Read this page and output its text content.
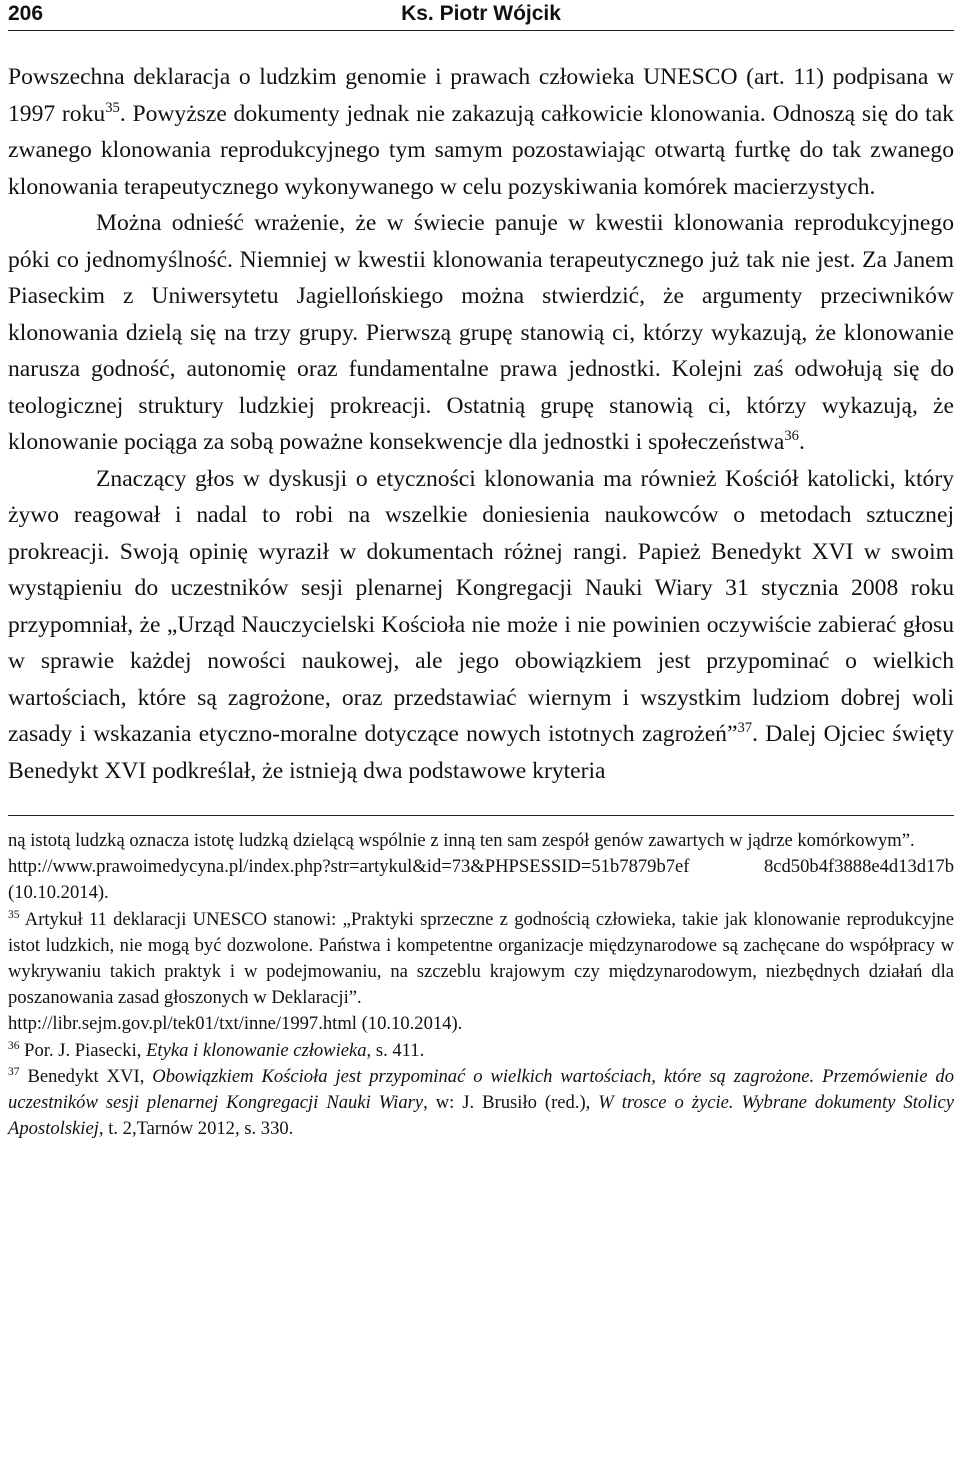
206	Ks. Piotr Wójcik

Powszechna deklaracja o ludzkim genomie i prawach człowieka UNESCO (art. 11) podpisana w 1997 roku$^{35}$. Powyższe dokumenty jednak nie zakazują całkowicie klonowania. Odnoszą się do tak zwanego klonowania reprodukcyjnego tym samym pozostawiając otwartą furtkę do tak zwanego klonowania terapeutycznego wykonywanego w celu pozyskiwania komórek macierzystych.

Można odnieść wrażenie, że w świecie panuje w kwestii klonowania reprodukcyjnego póki co jednomyślność. Niemniej w kwestii klonowania terapeutycznego już tak nie jest. Za Janem Piaseckim z Uniwersytetu Jagiellońskiego można stwierdzić, że argumenty przeciwników klonowania dzielą się na trzy grupy. Pierwszą grupę stanowią ci, którzy wykazują, że klonowanie narusza godność, autonomię oraz fundamentalne prawa jednostki. Kolejni zaś odwołują się do teologicznej struktury ludzkiej prokreacji. Ostatnią grupę stanowią ci, którzy wykazują, że klonowanie pociąga za sobą poważne konsekwencje dla jednostki i społeczeństwa$^{36}$.

Znaczący głos w dyskusji o etyczności klonowania ma również Kościół katolicki, który żywo reagował i nadal to robi na wszelkie doniesienia naukowców o metodach sztucznej prokreacji. Swoją opinię wyraził w dokumentach różnej rangi. Papież Benedykt XVI w swoim wystąpieniu do uczestników sesji plenarnej Kongregacji Nauki Wiary 31 stycznia 2008 roku przypomniał, że „Urząd Nauczycielski Kościoła nie może i nie powinien oczywiście zabierać głosu w sprawie każdej nowości naukowej, ale jego obowiązkiem jest przypominać o wielkich wartościach, które są zagrożone, oraz przedstawiać wiernym i wszystkim ludziom dobrej woli zasady i wskazania etyczno-moralne dotyczące nowych istotnych zagrożeń”$^{37}$. Dalej Ojciec święty Benedykt XVI podkreślał, że istnieją dwa podstawowe kryteria

ną istotą ludzką oznacza istotę ludzką dzielącą wspólnie z inną ten sam zespół genów zawartych w jądrze komórkowym”.

http://www.prawoimedycyna.pl/index.php?str=artykul&id=73&PHPSESSID=51b7879b7ef 8cd50b4f3888e4d13d17b (10.10.2014).

$^{35}$ Artykuł 11 deklaracji UNESCO stanowi: „Praktyki sprzeczne z godnością człowieka, takie jak klonowanie reprodukcyjne istot ludzkich, nie mogą być dozwolone. Państwa i kompetentne organizacje międzynarodowe są zachęcane do współpracy w wykrywaniu takich praktyk i w podejmowaniu, na szczeblu krajowym czy międzynarodowym, niezbędnych działań dla poszanowania zasad głoszonych w Deklaracji”.

http://libr.sejm.gov.pl/tek01/txt/inne/1997.html (10.10.2014).

$^{36}$ Por. J. Piasecki, Etyka i klonowanie człowieka, s. 411.

$^{37}$ Benedykt XVI, Obowiązkiem Kościoła jest przypominać o wielkich wartościach, które są zagrożone. Przemówienie do uczestników sesji plenarnej Kongregacji Nauki Wiary, w: J. Brusiło (red.), W trosce o życie. Wybrane dokumenty Stolicy Apostolskiej, t. 2,Tarnów 2012, s. 330.
